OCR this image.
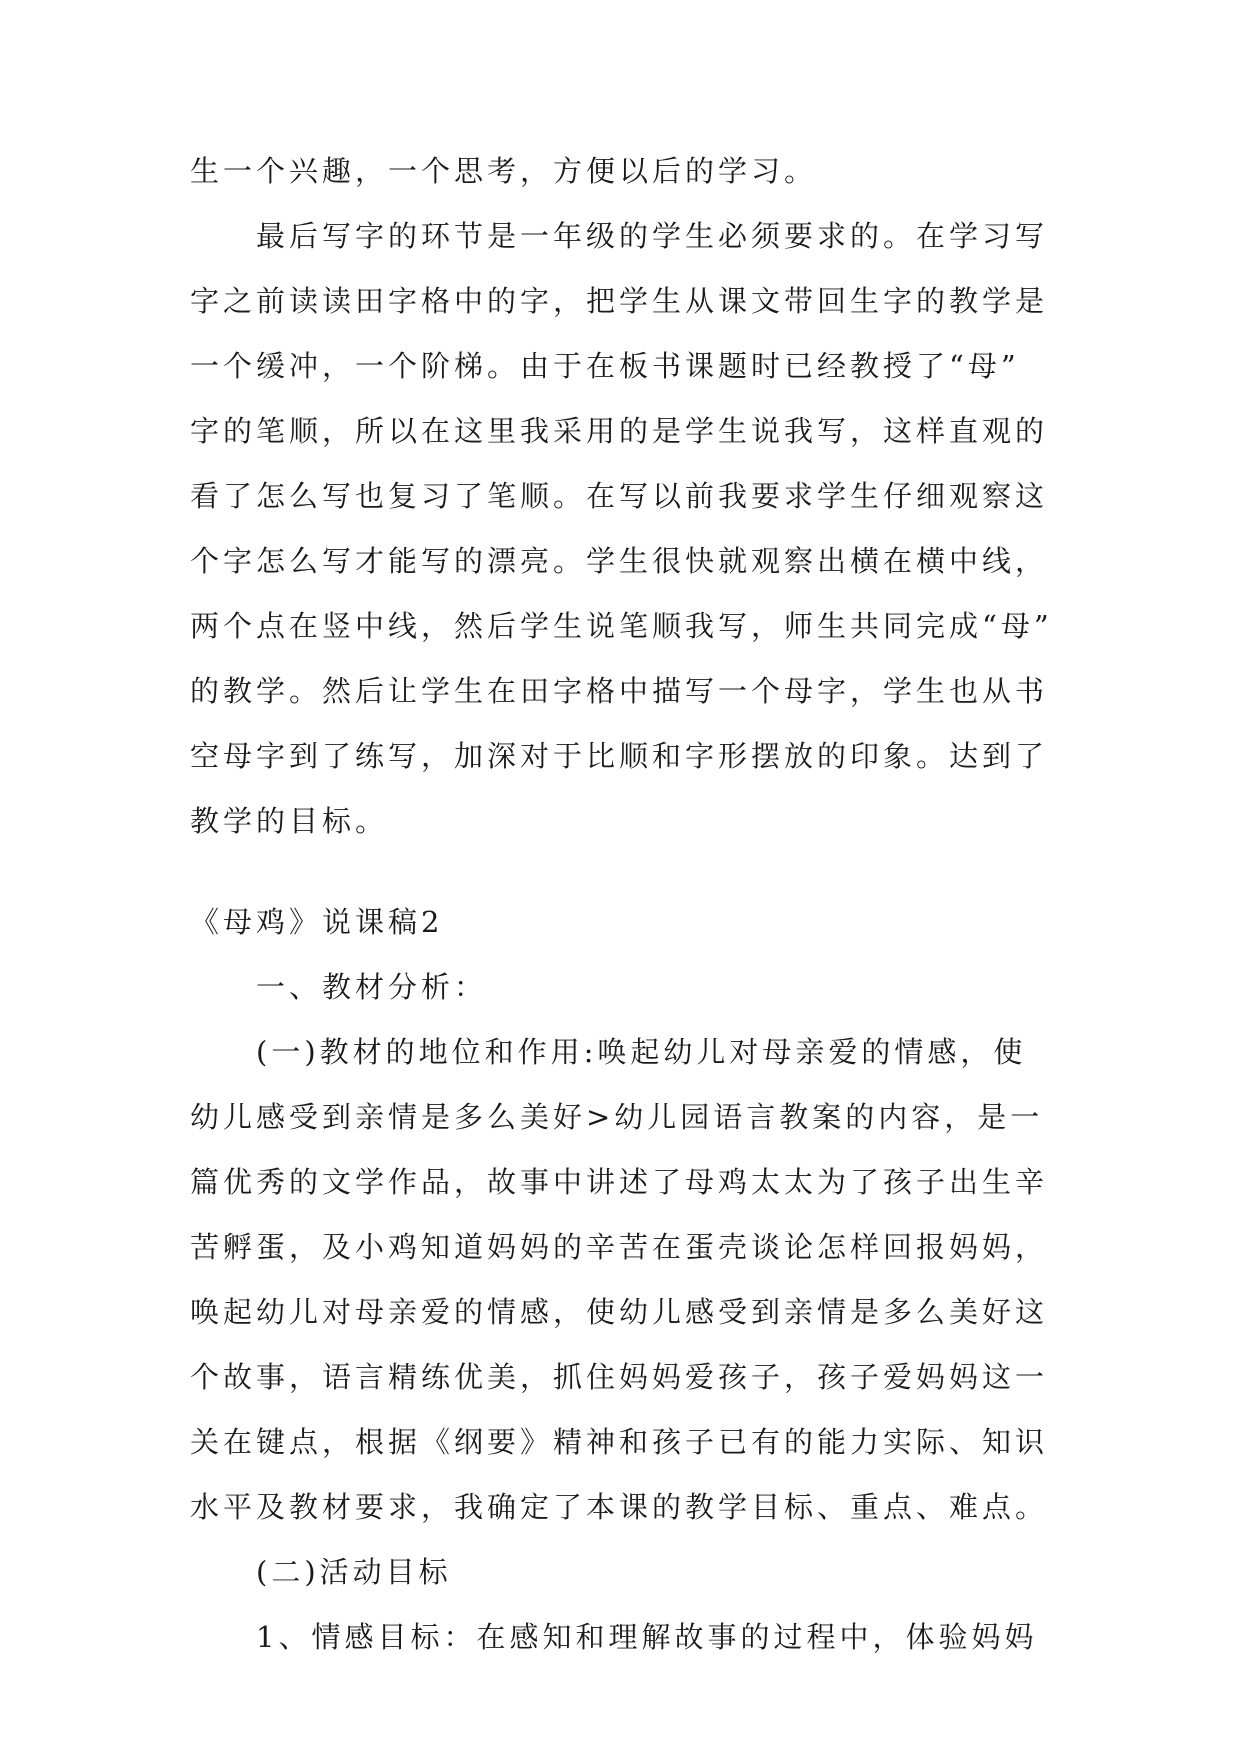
生一个兴趣，一个思考，方便以后的学习。
最后写字的环节是一年级的学生必须要求的。在学习写
字之前读读田字格中的字，把学生从课文带回生字的教学是
一个缓冲，一个阶梯。由于在板书课题时已经教授了“母”
字的笔顺，所以在这里我采用的是学生说我写，这样直观的
看了怎么写也复习了笔顺。在写以前我要求学生仔细观察这
个字怎么写才能写的漂亮。学生很快就观察出横在横中线，
两个点在竖中线，然后学生说笔顺我写，师生共同完成“母”
的教学。然后让学生在田字格中描写一个母字，学生也从书
空母字到了练写，加深对于比顺和字形摆放的印象。达到了
教学的目标。
《母鸡》说课稿2
一、教材分析：
(一)教材的地位和作用:唤起幼儿对母亲爱的情感，使
幼儿感受到亲情是多么美好>幼儿园语言教案的内容，是一
篇优秀的文学作品，故事中讲述了母鸡太太为了孩子出生辛
苦孵蛋，及小鸡知道妈妈的辛苦在蛋壳谈论怎样回报妈妈，
唤起幼儿对母亲爱的情感，使幼儿感受到亲情是多么美好这
个故事，语言精练优美，抓住妈妈爱孩子，孩子爱妈妈这一
关在键点，根据《纲要》精神和孩子已有的能力实际、知识
水平及教材要求，我确定了本课的教学目标、重点、难点。
(二)活动目标
1、情感目标：在感知和理解故事的过程中，体验妈妈
